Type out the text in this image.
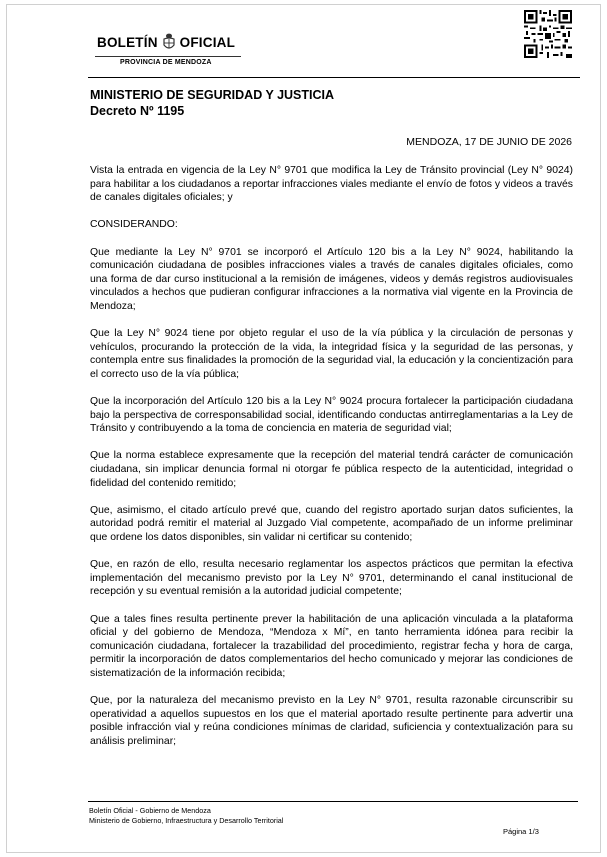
BOLETÍN OFICIAL
PROVINCIA DE MENDOZA
MINISTERIO DE SEGURIDAD Y JUSTICIA
Decreto Nº 1195
MENDOZA, 17 DE JUNIO DE 2026

Vista la entrada en vigencia de la Ley N° 9701 que modifica la Ley de Tránsito provincial (Ley N° 9024) para habilitar a los ciudadanos a reportar infracciones viales mediante el envío de fotos y videos a través de canales digitales oficiales; y

CONSIDERANDO:

Que mediante la Ley N° 9701 se incorporó el Artículo 120 bis a la Ley N° 9024, habilitando la comunicación ciudadana de posibles infracciones viales a través de canales digitales oficiales, como una forma de dar curso institucional a la remisión de imágenes, videos y demás registros audiovisuales vinculados a hechos que pudieran configurar infracciones a la normativa vial vigente en la Provincia de Mendoza;

Que la Ley N° 9024 tiene por objeto regular el uso de la vía pública y la circulación de personas y vehículos, procurando la protección de la vida, la integridad física y la seguridad de las personas, y contempla entre sus finalidades la promoción de la seguridad vial, la educación y la concientización para el correcto uso de la vía pública;

Que la incorporación del Artículo 120 bis a la Ley N° 9024 procura fortalecer la participación ciudadana bajo la perspectiva de corresponsabilidad social, identificando conductas antirreglamentarias a la Ley de Tránsito y contribuyendo a la toma de conciencia en materia de seguridad vial;

Que la norma establece expresamente que la recepción del material tendrá carácter de comunicación ciudadana, sin implicar denuncia formal ni otorgar fe pública respecto de la autenticidad, integridad o fidelidad del contenido remitido;

Que, asimismo, el citado artículo prevé que, cuando del registro aportado surjan datos suficientes, la autoridad podrá remitir el material al Juzgado Vial competente, acompañado de un informe preliminar que ordene los datos disponibles, sin validar ni certificar su contenido;

Que, en razón de ello, resulta necesario reglamentar los aspectos prácticos que permitan la efectiva implementación del mecanismo previsto por la Ley N° 9701, determinando el canal institucional de recepción y su eventual remisión a la autoridad judicial competente;

Que a tales fines resulta pertinente prever la habilitación de una aplicación vinculada a la plataforma oficial y del gobierno de Mendoza, “Mendoza x Mí”, en tanto herramienta idónea para recibir la comunicación ciudadana, fortalecer la trazabilidad del procedimiento, registrar fecha y hora de carga, permitir la incorporación de datos complementarios del hecho comunicado y mejorar las condiciones de sistematización de la información recibida;

Que, por la naturaleza del mecanismo previsto en la Ley N° 9701, resulta razonable circunscribir su operatividad a aquellos supuestos en los que el material aportado resulte pertinente para advertir una posible infracción vial y reúna condiciones mínimas de claridad, suficiencia y contextualización para su análisis preliminar;

Boletín Oficial - Gobierno de Mendoza
Ministerio de Gobierno, Infraestructura y Desarrollo Territorial
Página 1/3
